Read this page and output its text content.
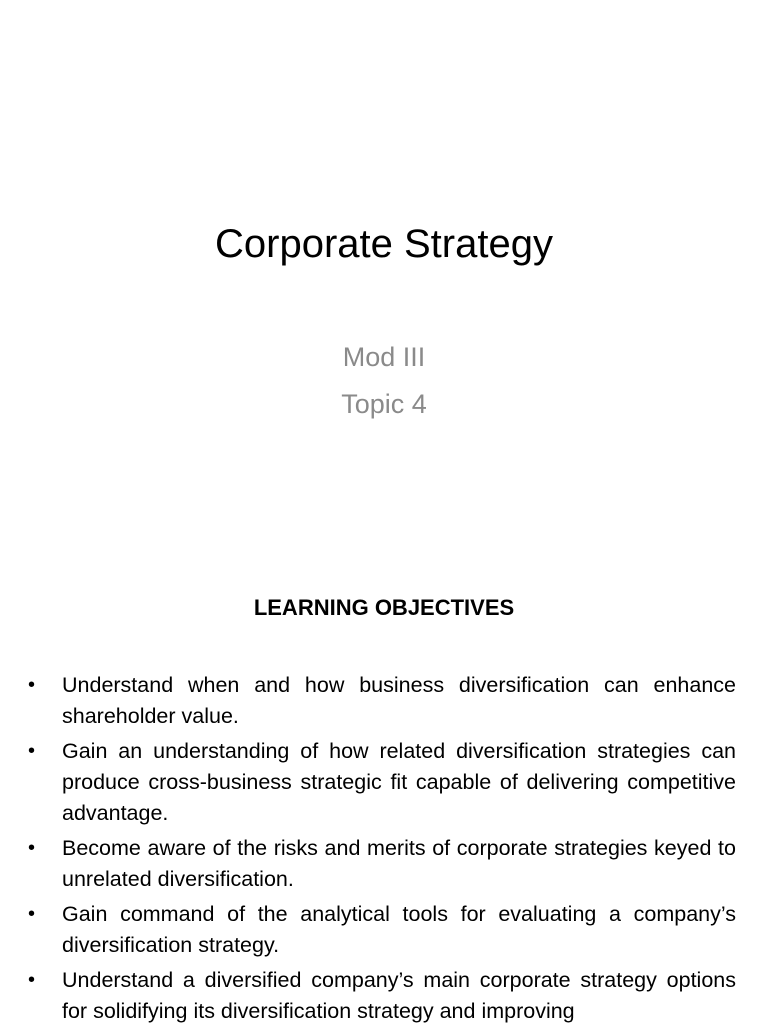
Corporate Strategy
Mod III
Topic 4
LEARNING OBJECTIVES
•	Understand when and how business diversification can enhance shareholder value.
•	Gain an understanding of how related diversification strategies can produce cross-business strategic fit capable of delivering competitive advantage.
•	Become aware of the risks and merits of corporate strategies keyed to unrelated diversification.
•	Gain command of the analytical tools for evaluating a company’s diversification strategy.
•	Understand a diversified company’s main corporate strategy options for solidifying its diversification strategy and improving
